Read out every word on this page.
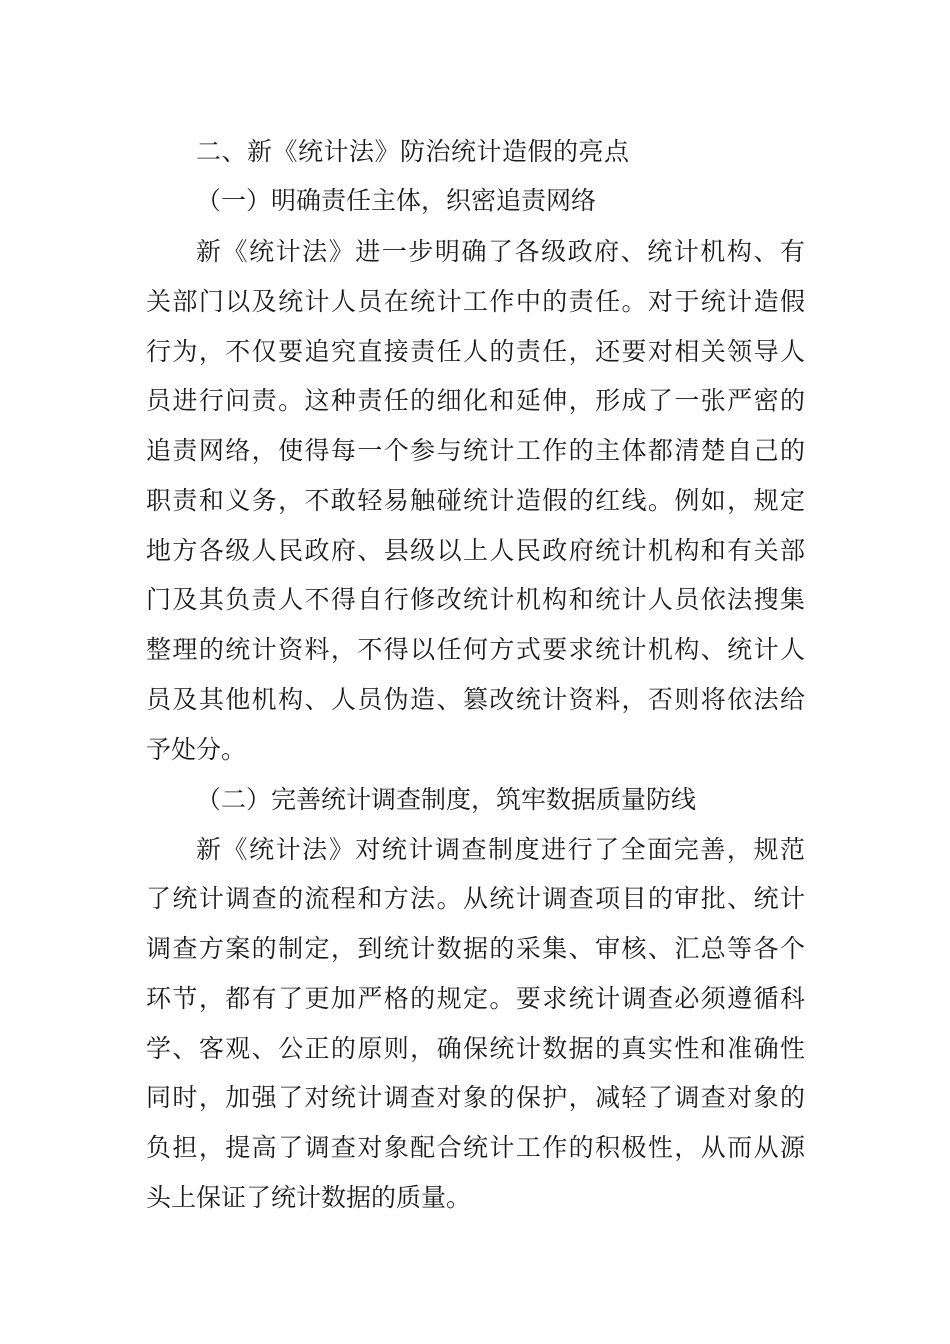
二、新《统计法》防治统计造假的亮点
（一）明确责任主体，织密追责网络
新《统计法》进一步明确了各级政府、统计机构、有
关部门以及统计人员在统计工作中的责任。对于统计造假
行为，不仅要追究直接责任人的责任，还要对相关领导人
员进行问责。这种责任的细化和延伸，形成了一张严密的
追责网络，使得每一个参与统计工作的主体都清楚自己的
职责和义务，不敢轻易触碰统计造假的红线。例如，规定
地方各级人民政府、县级以上人民政府统计机构和有关部
门及其负责人不得自行修改统计机构和统计人员依法搜集
整理的统计资料，不得以任何方式要求统计机构、统计人
员及其他机构、人员伪造、篡改统计资料，否则将依法给
予处分。
（二）完善统计调查制度，筑牢数据质量防线
新《统计法》对统计调查制度进行了全面完善，规范
了统计调查的流程和方法。从统计调查项目的审批、统计
调查方案的制定，到统计数据的采集、审核、汇总等各个
环节，都有了更加严格的规定。要求统计调查必须遵循科
学、客观、公正的原则，确保统计数据的真实性和准确性
同时，加强了对统计调查对象的保护，减轻了调查对象的
负担，提高了调查对象配合统计工作的积极性，从而从源
头上保证了统计数据的质量。
